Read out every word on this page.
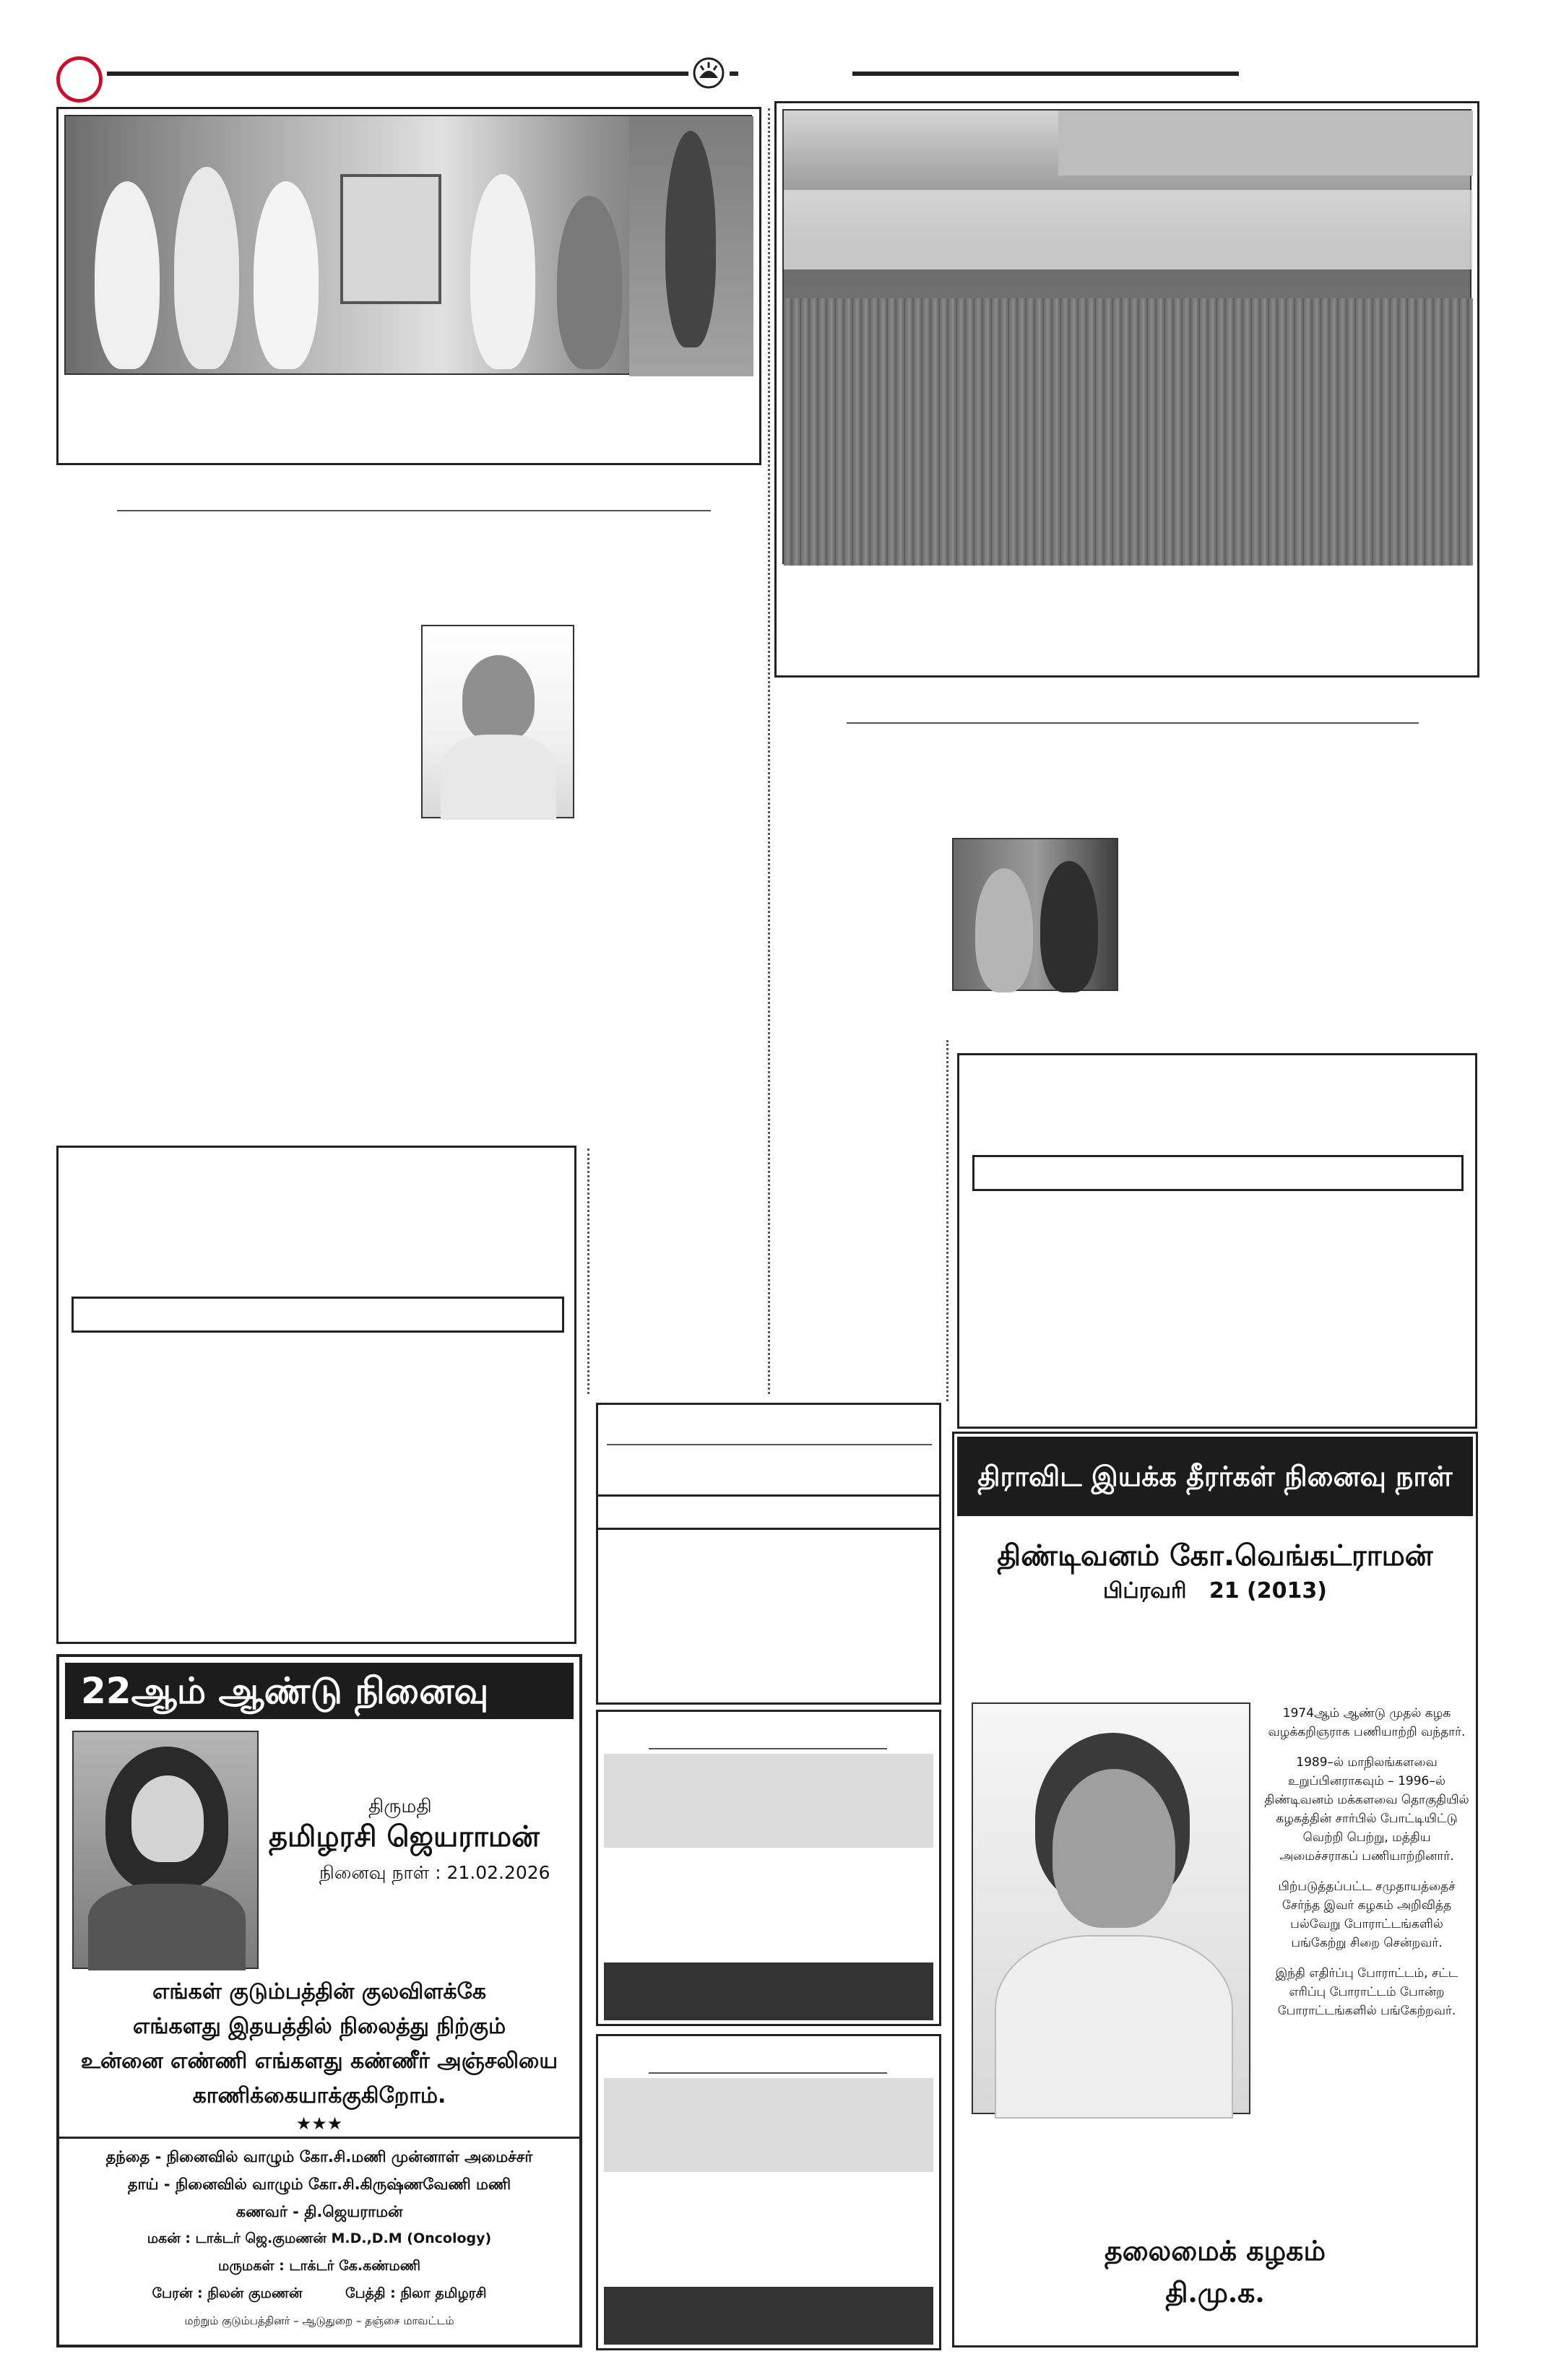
22ஆம் ஆண்டு நினைவு
திருமதி
தமிழரசி ஜெயராமன்
நினைவு நாள் : 21.02.2026
எங்கள் குடும்பத்தின் குலவிளக்கே
எங்களது இதயத்தில் நிலைத்து நிற்கும்
உன்னை எண்ணி எங்களது கண்ணீர் அஞ்சலியை
காணிக்கையாக்குகிறோம்.
★★★
தந்தை - நினைவில் வாழும் கோ.சி.மணி முன்னாள் அமைச்சர்
தாய் - நினைவில் வாழும் கோ.சி.கிருஷ்ணவேணி மணி
கணவர் - தி.ஜெயராமன்
மகன் : டாக்டர் ஜெ.குமணன் M.D.,D.M (Oncology)
மருமகள் : டாக்டர் கே.கண்மணி
பேரன் : நிலன் குமணன்         பேத்தி : நிலா தமிழரசி
மற்றும் குடும்பத்தினர் – ஆடுதுறை – தஞ்சை மாவட்டம்
திராவிட இயக்க தீரர்கள் நினைவு நாள்
திண்டிவனம் கோ.வெங்கட்ராமன்
பிப்ரவரி   21 (2013)

1974ஆம் ஆண்டு முதல் கழக வழக்கறிஞராக பணியாற்றி வந்தார்.

1989–ல் மாநிலங்களவை உறுப்பினராகவும் – 1996–ல் திண்டிவனம் மக்களவை தொகுதியில் கழகத்தின் சார்பில் போட்டியிட்டு வெற்றி பெற்று, மத்திய அமைச்சராகப் பணியாற்றினார்.

பிற்படுத்தப்பட்ட சமுதாயத்தைச் சேர்ந்த இவர் கழகம் அறிவித்த பல்வேறு போராட்டங்களில் பங்கேற்று சிறை சென்றவர்.

இந்தி எதிர்ப்பு போராட்டம், சட்ட எரிப்பு போராட்டம் போன்ற போராட்டங்களில் பங்கேற்றவர்.

தலைமைக் கழகம்
தி.மு.க.
